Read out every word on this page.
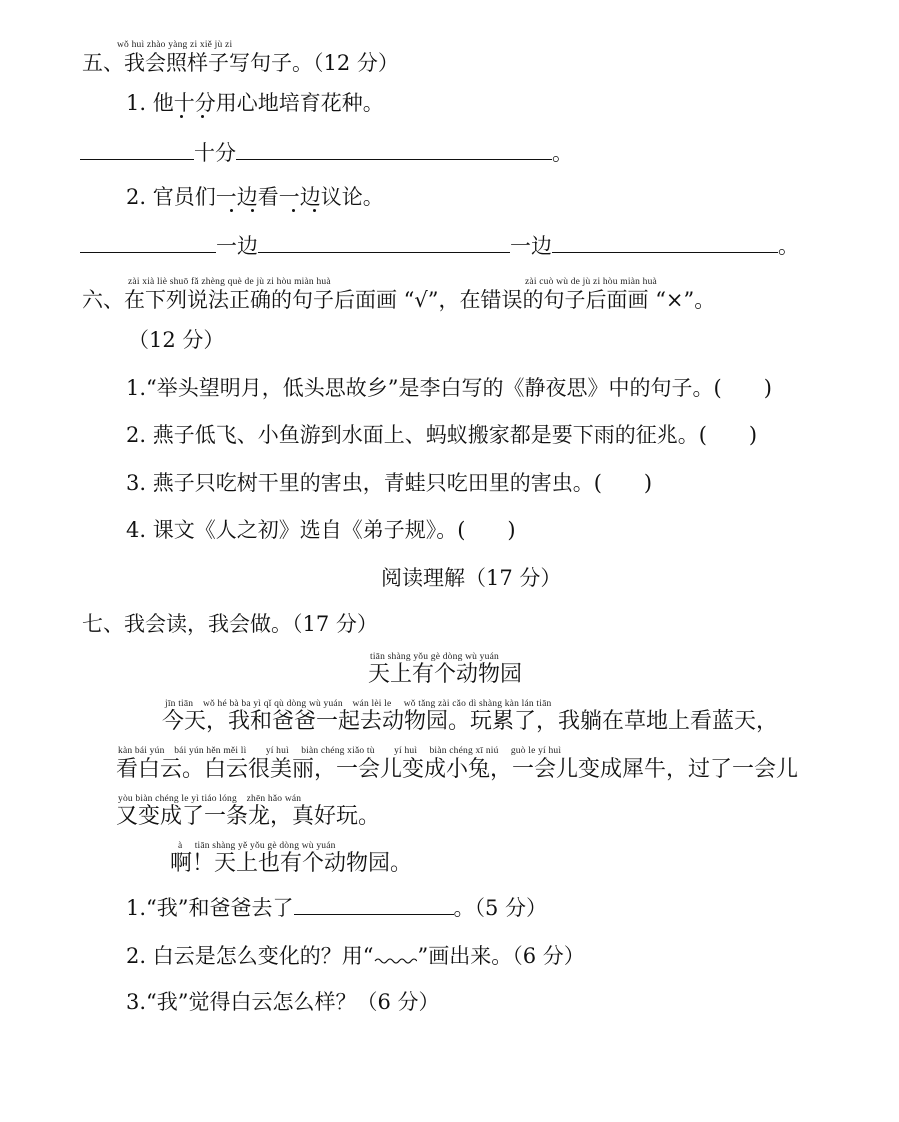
wǒ huì zhào yàng zi xiě jù zi
五、我会照样子写句子。（12 分）
1. 他十分用心地培育花种。
十分	。
2. 官员们一边看一边议论。
一边	一边	。
zài xià liè shuō fǎ zhèng què de jù zi hòu miàn huà	zài cuò wù de jù zi hòu miàn huà
六、在下列说法正确的句子后面画 “√”，在错误的句子后面画 “×”。
（12 分）
1.“举头望明月，低头思故乡”是李白写的《静夜思》中的句子。(　　)
2. 燕子低飞、小鱼游到水面上、蚂蚁搬家都是要下雨的征兆。(　　)
3. 燕子只吃树干里的害虫，青蛙只吃田里的害虫。(　　)
4. 课文《人之初》选自《弟子规》。(　　)
阅读理解（17 分）
七、我会读，我会做。（17 分）
tiān shàng yǒu gè dòng wù yuán
天上有个动物园
jīn tiān　wǒ hé bà ba yì qǐ qù dòng wù yuán　wán lèi le　 wǒ tǎng zài cǎo dì shàng kàn lán tiān
今天，我和爸爸一起去动物园。玩累了，我躺在草地上看蓝天，
kàn bái yún　bái yún hěn měi lì　　yí huì　 biàn chéng xiǎo tù　　yí huì　 biàn chéng xī niú　 guò le yí huì
看白云。白云很美丽，一会儿变成小兔，一会儿变成犀牛，过了一会儿
yòu biàn chéng le yì tiáo lóng　zhēn hǎo wán
又变成了一条龙，真好玩。
à　 tiān shàng yě yǒu gè dòng wù yuán
啊！天上也有个动物园。
1.“我”和爸爸去了	。（5 分）
2. 白云是怎么变化的？用“ ”画出来。（6 分）
3.“我”觉得白云怎么样？（6 分）
